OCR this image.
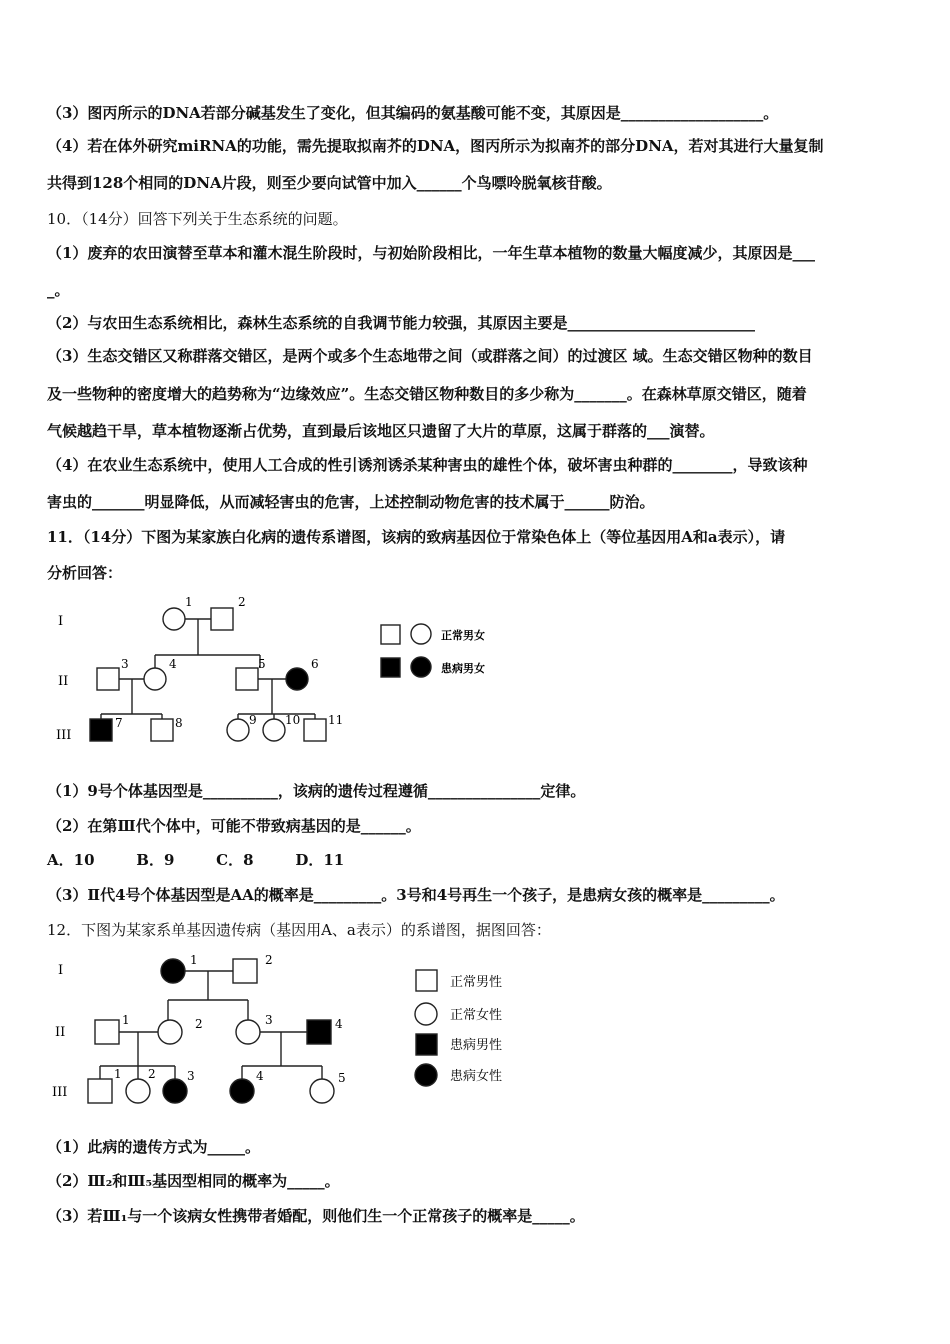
（3）图丙所示的DNA若部分碱基发生了变化，但其编码的氨基酸可能不变，其原因是___________________。
（4）若在体外研究miRNA的功能，需先提取拟南芥的DNA，图丙所示为拟南芥的部分DNA，若对其进行大量复制
共得到128个相同的DNA片段，则至少要向试管中加入______个鸟嘌呤脱氧核苷酸。
10．（14分）回答下列关于生态系统的问题。
（1）废弃的农田演替至草本和灌木混生阶段时，与初始阶段相比，一年生草本植物的数量大幅度减少，其原因是___
_。
（2）与农田生态系统相比，森林生态系统的自我调节能力较强，其原因主要是_________________________
（3）生态交错区又称群落交错区，是两个或多个生态地带之间（或群落之间）的过渡区 域。生态交错区物种的数目
及一些物种的密度增大的趋势称为“边缘效应”。生态交错区物种数目的多少称为_______。在森林草原交错区，随着
气候越趋干旱，草本植物逐渐占优势，直到最后该地区只遗留了大片的草原，这属于群落的___演替。
（4）在农业生态系统中，使用人工合成的性引诱剂诱杀某种害虫的雄性个体，破坏害虫种群的________，导致该种
害虫的_______明显降低，从而减轻害虫的危害，上述控制动物危害的技术属于______防治。
11．（14分）下图为某家族白化病的遗传系谱图，该病的致病基因位于常染色体上（等位基因用A和a表示），请
分析回答：
I
II
III
1	2
3	4	5	6
7	8	9 10 11
正常男女
患病男女
（1）9号个体基因型是__________，该病的遗传过程遵循_______________定律。
（2）在第Ⅲ代个体中，可能不带致病基因的是______。
A．10        B．9        C．8        D．11
（3）Ⅱ代4号个体基因型是AA的概率是_________。3号和4号再生一个孩子，是患病女孩的概率是_________。
12．下图为某家系单基因遗传病（基因用A、a表示）的系谱图，据图回答：
I
II
III
1	2
1	2	3	4
1 2	3	4	5
正常男性
正常女性
患病男性
患病女性
（1）此病的遗传方式为_____。
（2）Ⅲ₂和Ⅲ₅基因型相同的概率为_____。
（3）若Ⅲ₁与一个该病女性携带者婚配，则他们生一个正常孩子的概率是_____。
